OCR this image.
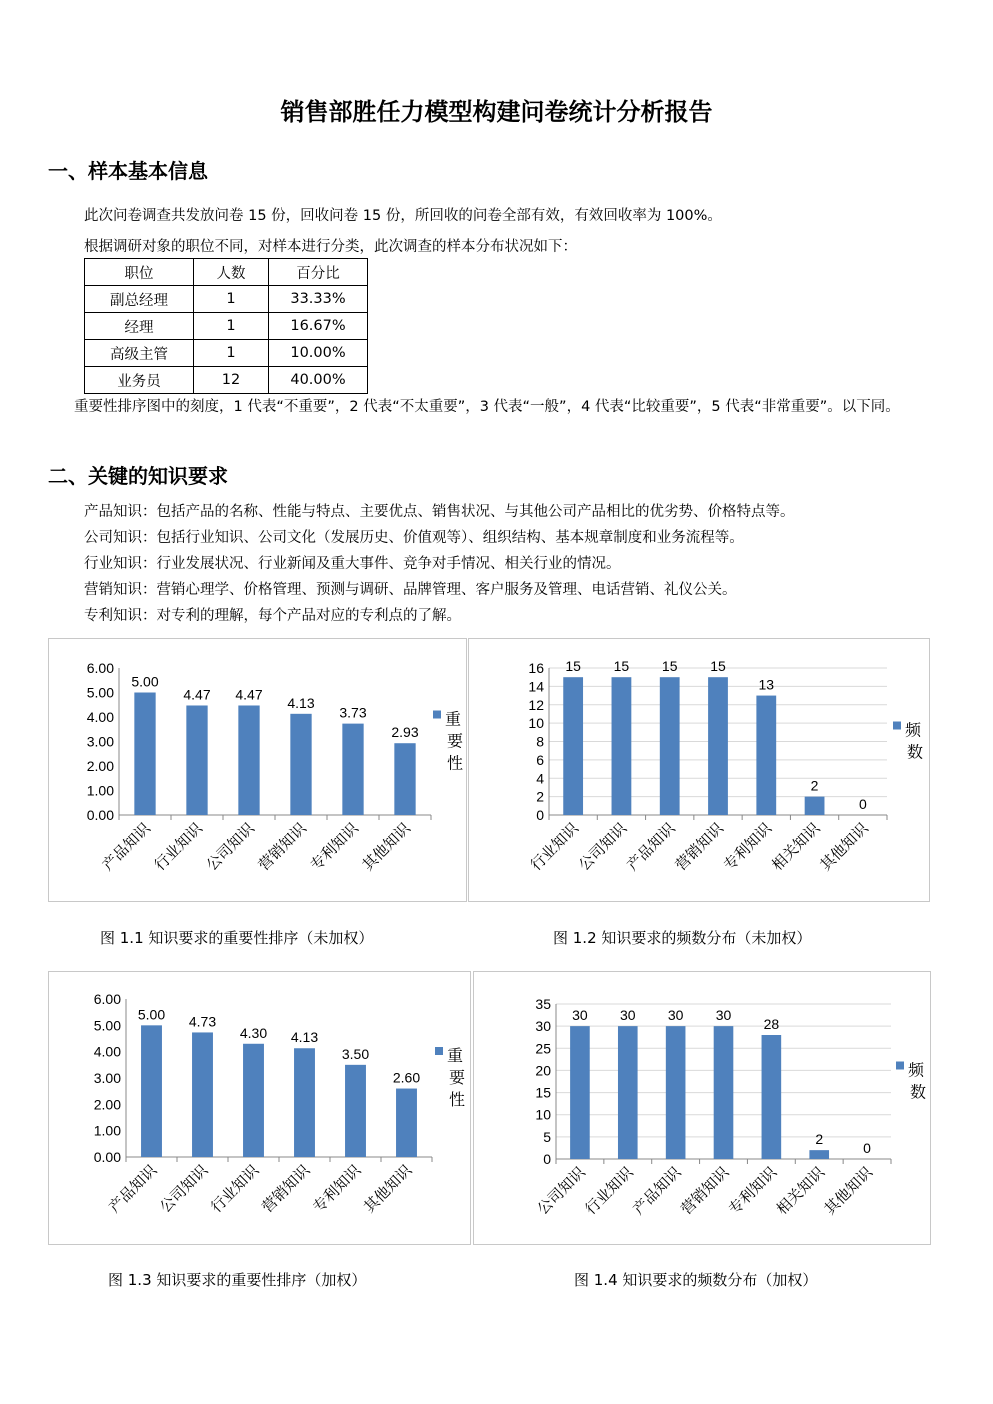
销售部胜任力模型构建问卷统计分析报告
一、样本基本信息
此次问卷调查共发放问卷 15 份，回收问卷 15 份，所回收的问卷全部有效，有效回收率为 100%。
根据调研对象的职位不同，对样本进行分类，此次调查的样本分布状况如下：
职位	人数	百分比
副总经理	1	33.33%
经理	1	16.67%
高级主管	1	10.00%
业务员	12	40.00%
重要性排序图中的刻度，1 代表“不重要”，2 代表“不太重要”，3 代表“一般”，4 代表“比较重要”，5 代表“非常重要”。以下同。
二、关键的知识要求
产品知识：包括产品的名称、性能与特点、主要优点、销售状况、与其他公司产品相比的优劣势、价格特点等。
公司知识：包括行业知识、公司文化（发展历史、价值观等）、组织结构、基本规章制度和业务流程等。
行业知识：行业发展状况、行业新闻及重大事件、竞争对手情况、相关行业的情况。
营销知识：营销心理学、价格管理、预测与调研、品牌管理、客户服务及管理、电话营销、礼仪公关。
专利知识：对专利的理解，每个产品对应的专利点的了解。
0.00
1.00
2.00
3.00
4.00
5.00
6.00
5.00
产品知识
4.47
行业知识
4.47
公司知识
4.13
营销知识
3.73
专利知识
2.93
其他知识
重要性
0
2
4
6
8
10
12
14
16 15
行业知识
15
公司知识
15
产品知识
15
营销知识
13
专利知识
2
相关知识
0
其他知识
频数
0.00
1.00
2.00
3.00
4.00
5.00
6.00
5.00
产品知识
4.73
公司知识
4.30
行业知识
4.13
营销知识
3.50
专利知识
2.60
其他知识
重要性
0
5
10
15
20
25
30
35
30
公司知识
30
行业知识
30
产品知识
30
营销知识
28
专利知识
2
相关知识
0
其他知识
频数
图 1.1 知识要求的重要性排序（未加权）	图 1.2 知识要求的频数分布（未加权）
图 1.3 知识要求的重要性排序（加权）	图 1.4 知识要求的频数分布（加权）
